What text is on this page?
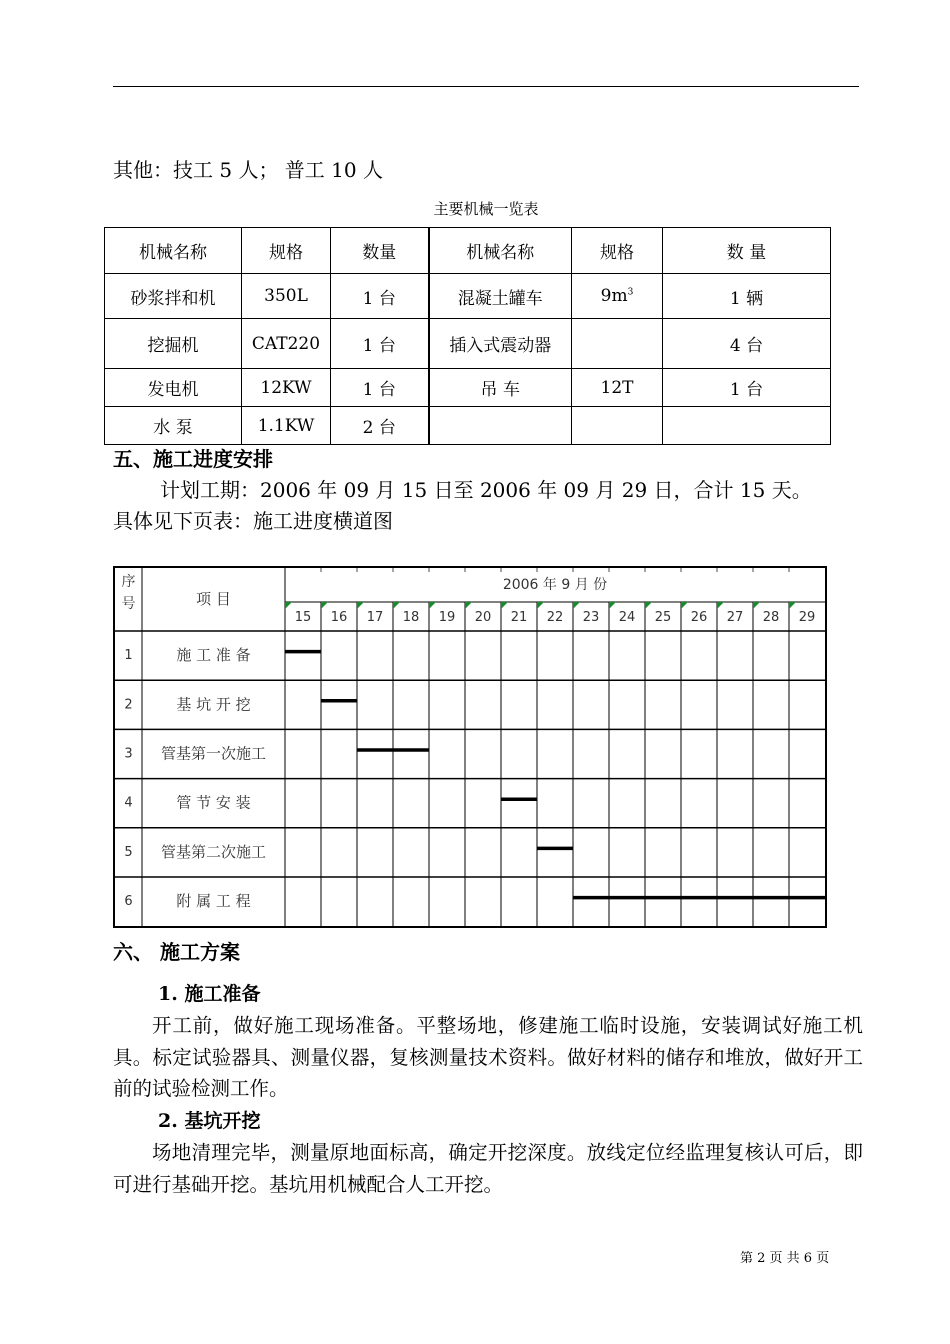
其他：技工 5 人； 普工 10 人
主要机械一览表
机械名称	规格	数量	机械名称	规格	数 量
砂浆拌和机	350L	1 台	混凝土罐车	$9m^3$	1 辆
挖掘机	CAT220	1 台	插入式震动器		4 台
发电机	12KW	1 台	吊 车	12T	1 台
水 泵	1.1KW	2 台			
五、施工进度安排
计划工期：2006 年 09 月 15 日至 2006 年 09 月 29 日，合计 15 天。
具体见下页表：施工进度横道图
序
号	项 目
2006 年 9 月 份
15 16 17 18 19 20 21 22 23 24 25 26 27 28 29
1	施 工 准 备
2	基 坑 开 挖
3 管基第一次施工
4	管 节 安 装
5 管基第二次施工
6	附 属 工 程
六、 施工方案
1. 施工准备
开工前，做好施工现场准备。平整场地，修建施工临时设施，安装调试好施工机具。标定试验器具、测量仪器，复核测量技术资料。做好材料的储存和堆放，做好开工前的试验检测工作。
2. 基坑开挖
场地清理完毕，测量原地面标高，确定开挖深度。放线定位经监理复核认可后，即可进行基础开挖。基坑用机械配合人工开挖。
第 2 页 共 6 页
